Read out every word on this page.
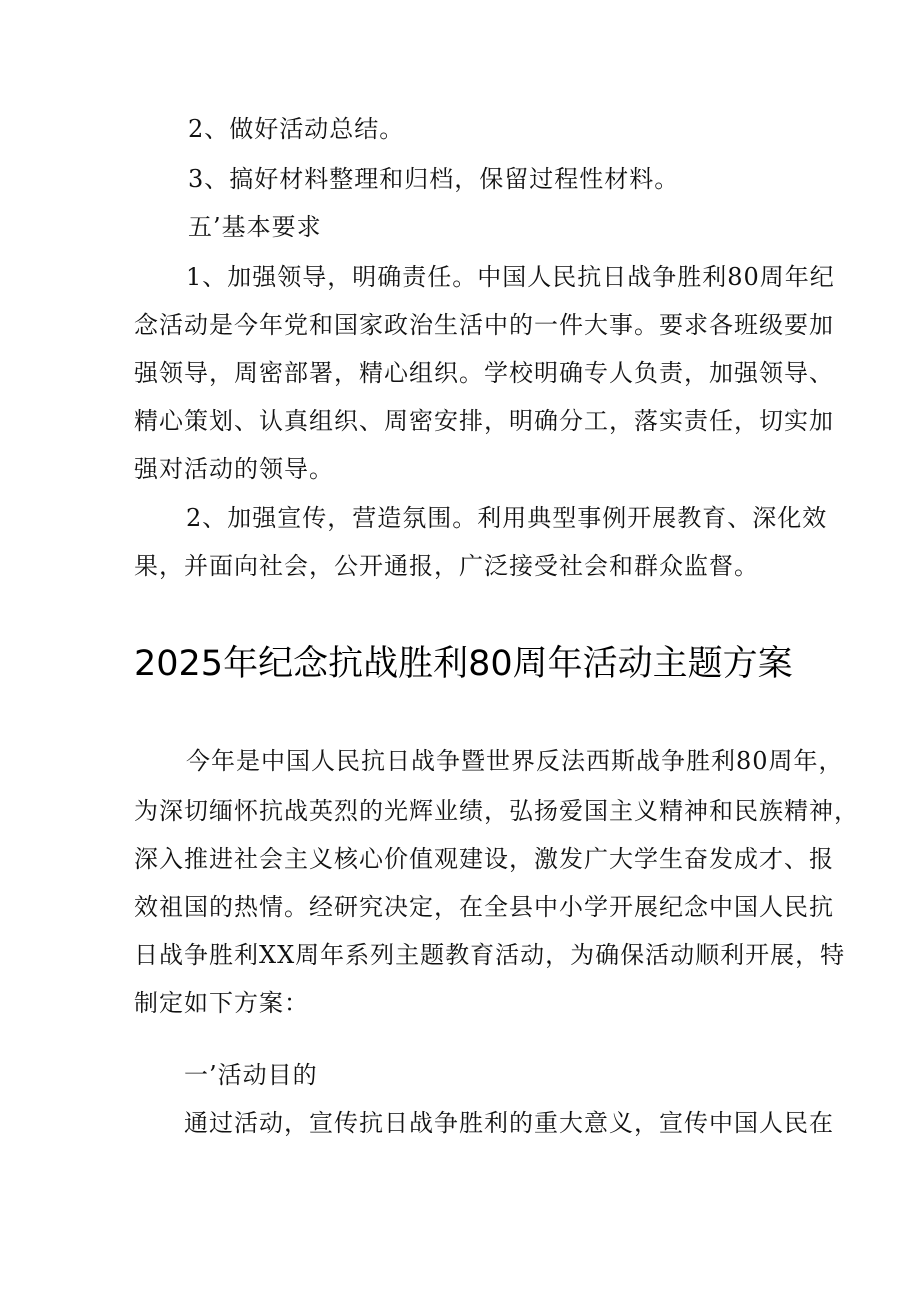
2、做好活动总结。
3、搞好材料整理和归档，保留过程性材料。
五’基本要求
1、加强领导，明确责任。中国人民抗日战争胜利80周年纪
念活动是今年党和国家政治生活中的一件大事。要求各班级要加
强领导，周密部署，精心组织。学校明确专人负责，加强领导、
精心策划、认真组织、周密安排，明确分工，落实责任，切实加
强对活动的领导。
2、加强宣传，营造氛围。利用典型事例开展教育、深化效
果，并面向社会，公开通报，广泛接受社会和群众监督。
2025年纪念抗战胜利80周年活动主题方案
今年是中国人民抗日战争暨世界反法西斯战争胜利80周年，
为深切缅怀抗战英烈的光辉业绩，弘扬爱国主义精神和民族精神，
深入推进社会主义核心价值观建设，激发广大学生奋发成才、报
效祖国的热情。经研究决定，在全县中小学开展纪念中国人民抗
日战争胜利XX周年系列主题教育活动，为确保活动顺利开展，特
制定如下方案：
一’活动目的
通过活动，宣传抗日战争胜利的重大意义，宣传中国人民在
